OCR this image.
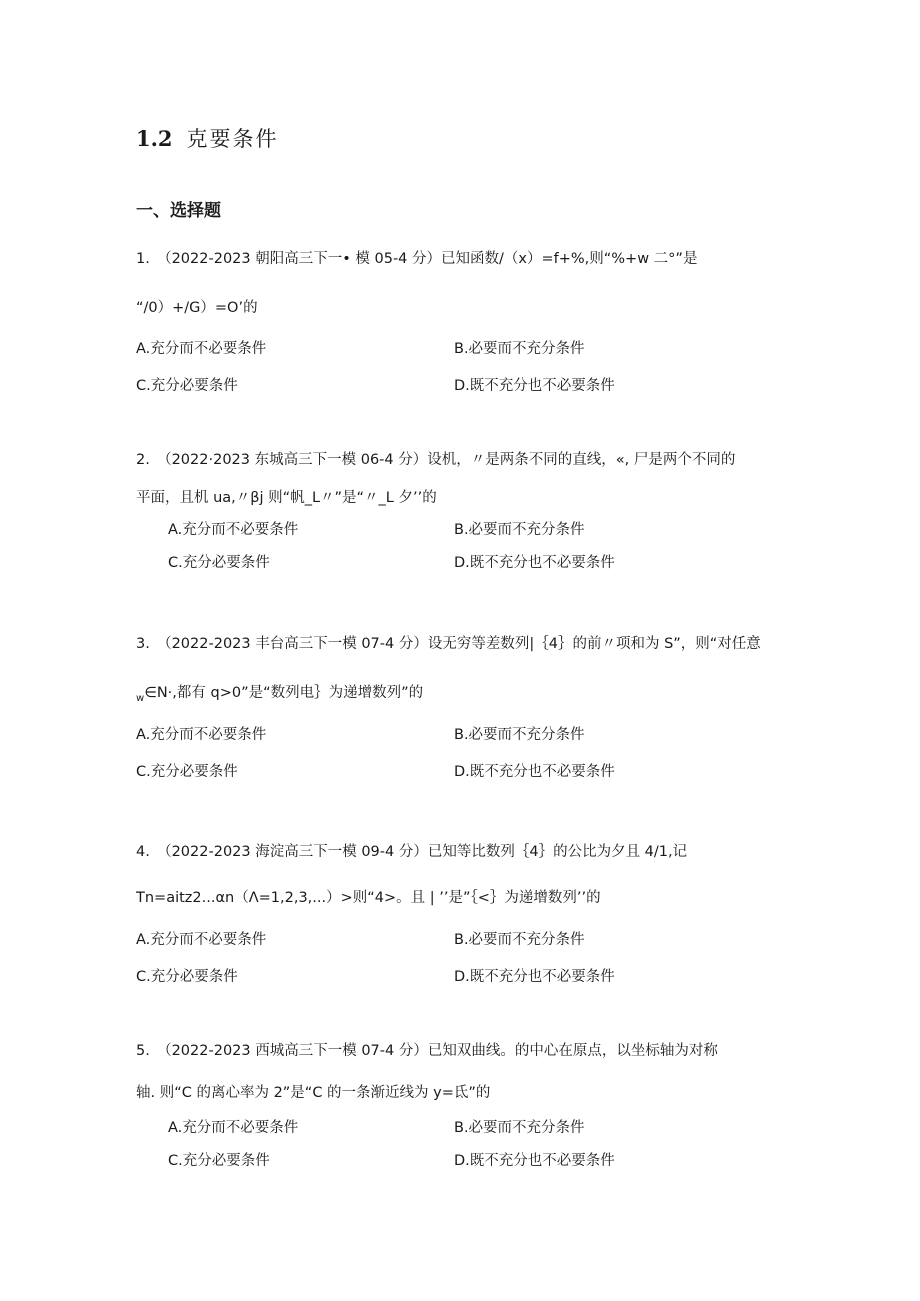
1.2 克要条件
一、选择题
1.　（2022-2023 朝阳高三下一• 模 05-4 分）已知函数/（x）=f+%,则“%+w 二°”是
“/0）+/G）=O’的
A.充分而不必要条件	B.必要而不充分条件
C.充分必要条件	D.既不充分也不必要条件
2.　（2022·2023 东城高三下一模 06-4 分）设机，〃是两条不同的直线，«, 尸是两个不同的
平面，且机 ua,〃βj 则“帆_L〃”是“〃_L 夕’’的
A.充分而不必要条件	B.必要而不充分条件
C.充分必要条件	D.既不充分也不必要条件
3.　（2022-2023 丰台高三下一模 07-4 分）设无穷等差数列|｛4｝的前〃项和为 S”，则“对任意
$_w$∈N·,都有 q>0”是“数列电｝为递增数列”的
A.充分而不必要条件	B.必要而不充分条件
C.充分必要条件	D.既不充分也不必要条件
4.　（2022-2023 海淀高三下一模 09-4 分）已知等比数列｛4｝的公比为夕且 4/1,记
Tn=aitz2...αn（Λ=1,2,3,...）>则“4>。且 | ’’是”｛<｝为递增数列’’的
A.充分而不必要条件	B.必要而不充分条件
C.充分必要条件	D.既不充分也不必要条件
5.　（2022-2023 西城高三下一模 07-4 分）已知双曲线。的中心在原点，以坐标轴为对称
轴. 则“C 的离心率为 2”是“C 的一条渐近线为 y=氐”的
A.充分而不必要条件	B.必要而不充分条件
C.充分必要条件	D.既不充分也不必要条件
